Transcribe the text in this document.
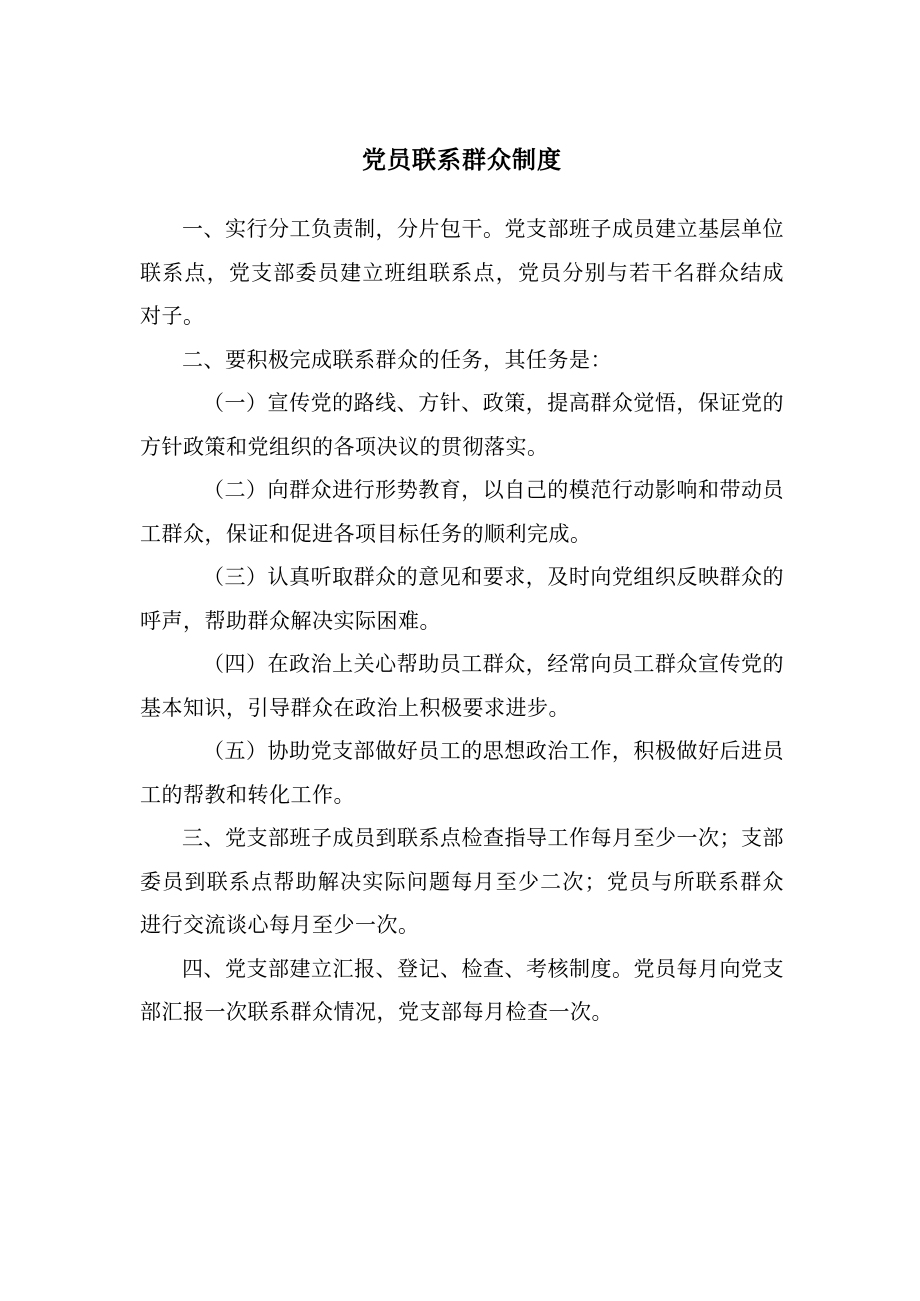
党员联系群众制度

一、实行分工负责制，分片包干。党支部班子成员建立基层单位联系点，党支部委员建立班组联系点，党员分别与若干名群众结成对子。

二、要积极完成联系群众的任务，其任务是：

（一）宣传党的路线、方针、政策，提高群众觉悟，保证党的方针政策和党组织的各项决议的贯彻落实。

（二）向群众进行形势教育，以自己的模范行动影响和带动员工群众，保证和促进各项目标任务的顺利完成。

（三）认真听取群众的意见和要求，及时向党组织反映群众的呼声，帮助群众解决实际困难。

（四）在政治上关心帮助员工群众，经常向员工群众宣传党的基本知识，引导群众在政治上积极要求进步。

（五）协助党支部做好员工的思想政治工作，积极做好后进员工的帮教和转化工作。

三、党支部班子成员到联系点检查指导工作每月至少一次；支部委员到联系点帮助解决实际问题每月至少二次；党员与所联系群众进行交流谈心每月至少一次。

四、党支部建立汇报、登记、检查、考核制度。党员每月向党支部汇报一次联系群众情况，党支部每月检查一次。
